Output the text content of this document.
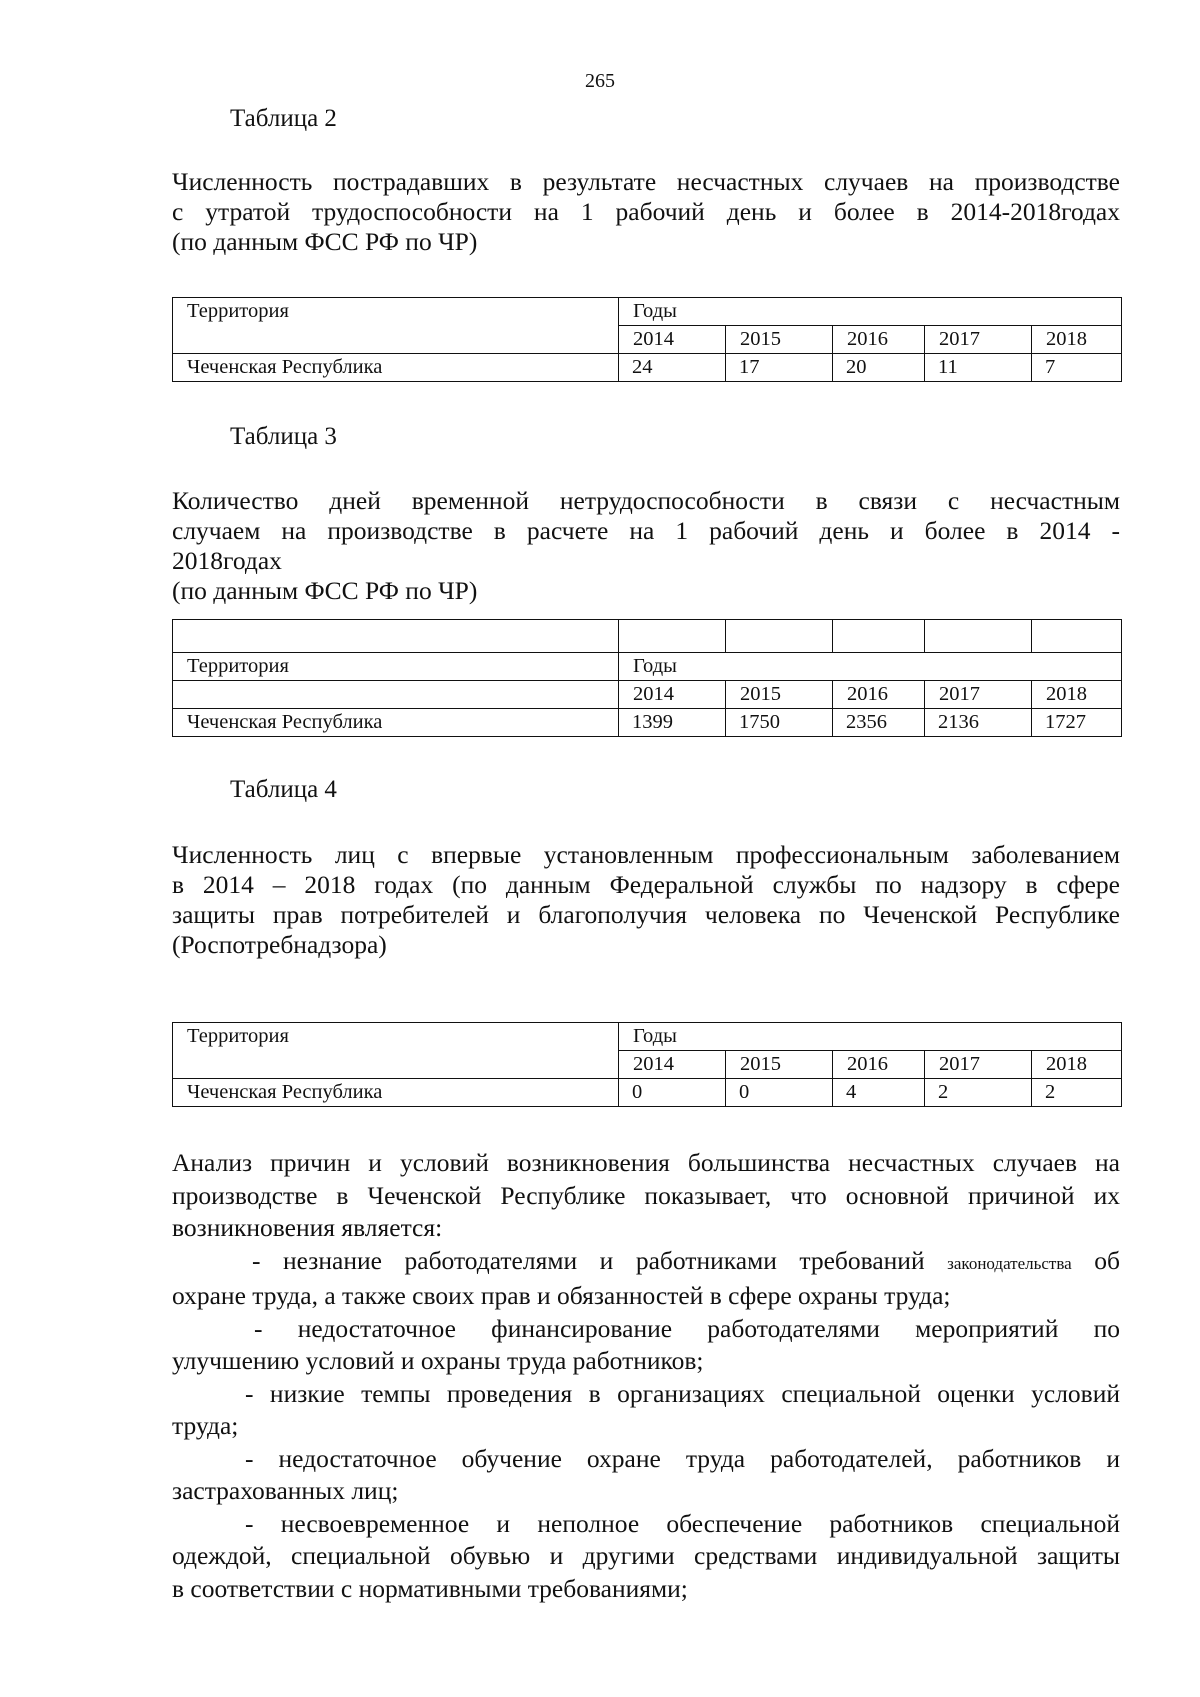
265
Таблица 2
Численность пострадавших в результате несчастных случаев на производстве
с утратой трудоспособности на 1 рабочий день и более в 2014-2018годах
(по данным ФСС РФ по ЧР)
Территория	Годы				
	2014	2015	2016	2017	2018
Чеченская Республика	24	17	20	11	7
Таблица 3
Количество дней временной нетрудоспособности в связи с несчастным
случаем на производстве в расчете на 1 рабочий день и более в 2014 -
2018годах
(по данным ФСС РФ по ЧР)

Территория	Годы				
	2014	2015	2016	2017	2018
Чеченская Республика	1399	1750	2356	2136	1727
Таблица 4
Численность лиц с впервые установленным профессиональным заболеванием
в 2014 – 2018 годах (по данным Федеральной службы по надзору в сфере
защиты прав потребителей и благополучия человека по Чеченской Республике
(Роспотребнадзора)
Территория	Годы				
	2014	2015	2016	2017	2018
Чеченская Республика	0	0	4	2	2
Анализ причин и условий возникновения большинства несчастных случаев на
производстве в Чеченской Республике показывает, что основной причиной их
возникновения является:
- незнание работодателями и работниками требований законодательства об
охране труда, а также своих прав и обязанностей в сфере охраны труда;
- недостаточное финансирование работодателями мероприятий по
улучшению условий и охраны труда работников;
- низкие темпы проведения в организациях специальной оценки условий
труда;
- недостаточное обучение охране труда работодателей, работников и
застрахованных лиц;
- несвоевременное и неполное обеспечение работников специальной
одеждой, специальной обувью и другими средствами индивидуальной защиты
в соответствии с нормативными требованиями;
